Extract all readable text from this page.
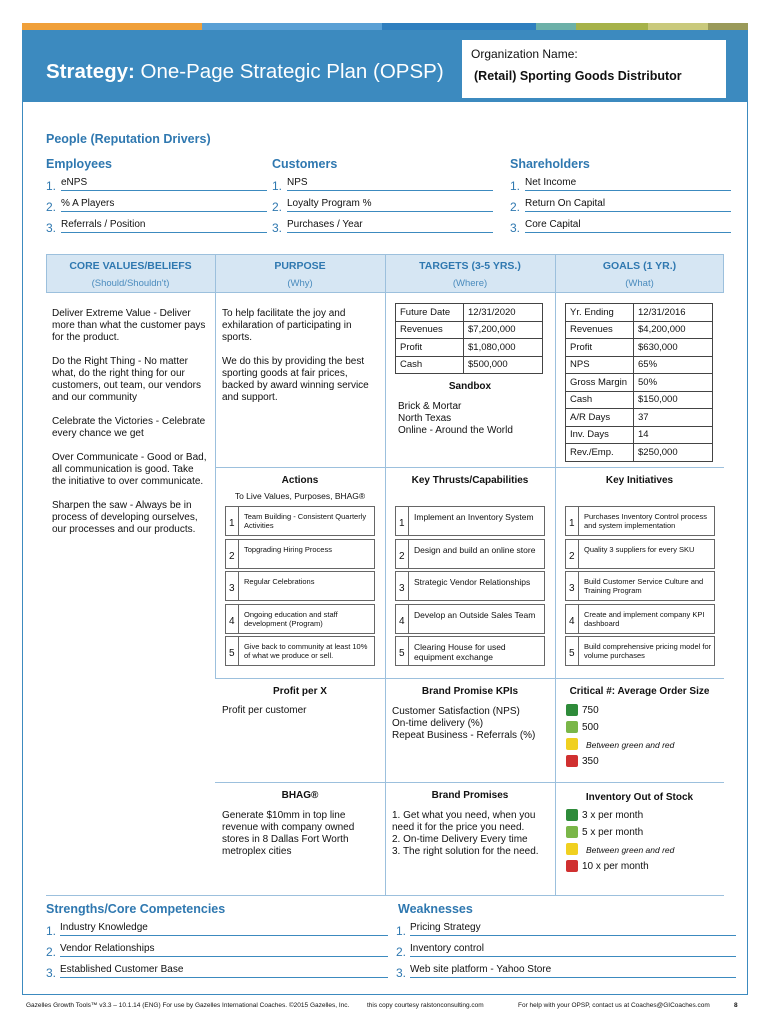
Strategy: One-Page Strategic Plan (OPSP)
Organization Name:
(Retail) Sporting Goods Distributor
People (Reputation Drivers)
Employees
1. eNPS
2. % A Players
3. Referrals / Position
Customers
1. NPS
2. Loyalty Program %
3. Purchases / Year
Shareholders
1. Net Income
2. Return On Capital
3. Core Capital
CORE VALUES/BELIEFS
(Should/Shouldn't)
PURPOSE
(Why)
TARGETS (3-5 YRS.)
(Where)
GOALS (1 YR.)
(What)

Deliver Extreme Value - Deliver more than what the customer pays for the product.

Do the Right Thing - No matter what, do the right thing for our customers, out team, our vendors and our community

Celebrate the Victories - Celebrate every chance we get

Over Communicate - Good or Bad, all communication is good. Take the initiative to over communicate.

Sharpen the saw - Always be in process of developing ourselves, our processes and our products.

To help facilitate the joy and exhilaration of participating in sports.

We do this by providing the best sporting goods at fair prices, backed by award winning service and support.

Future Date	12/31/2020
Revenues	$7,200,000
Profit	$1,080,000
Cash	$500,000
Sandbox

Brick & Mortar

North Texas

Online - Around the World

Yr. Ending	12/31/2016
Revenues	$4,200,000
Profit	$630,000
NPS	65%
Gross Margin	50%
Cash	$150,000
A/R Days	37
Inv. Days	14
Rev./Emp.	$250,000
Actions
To Live Values, Purposes, BHAG®
Key Thrusts/Capabilities	Key Initiatives
1
Team Building - Consistent Quarterly Activities
2
Topgrading Hiring Process
3
Regular Celebrations
4
Ongoing education and staff development (Program)
5
Give back to community at least 10% of what we produce or sell.
1
Implement an Inventory System
2
Design and build an online store
3
Strategic Vendor Relationships
4
Develop an Outside Sales Team
5
Clearing House for used equipment exchange
1
Purchases Inventory Control process and system implementation
2
Quality 3 suppliers for every SKU
3
Build Customer Service Culture and Training Program
4
Create and implement company KPI dashboard
5
Build comprehensive pricing model for volume purchases
Profit per X
Profit per customer
Brand Promise KPIs

Customer Satisfaction (NPS)

On-time delivery (%)

Repeat Business - Referrals (%)

Critical #: Average Order Size
750
500
Between green and red
350
BHAG®
Generate $10mm in top line revenue with company owned stores in 8 Dallas Fort Worth metroplex cities
Brand Promises

1. Get what you need, when you need it for the price you need.

2. On-time Delivery Every time

3. The right solution for the need.

Inventory Out of Stock
3 x per month
5 x per month
Between green and red
10 x per month
Strengths/Core Competencies	Weaknesses
1. Industry Knowledge
2. Vendor Relationships
3. Established Customer Base
1. Pricing Strategy
2. Inventory control
3. Web site platform - Yahoo Store
Gazelles Growth Tools™ v3.3 – 10.1.14 (ENG) For use by Gazelles International Coaches. ©2015 Gazelles, Inc.	this copy courtesy ralstonconsulting.com	For help with your OPSP, contact us at Coaches@GICoaches.com	8
